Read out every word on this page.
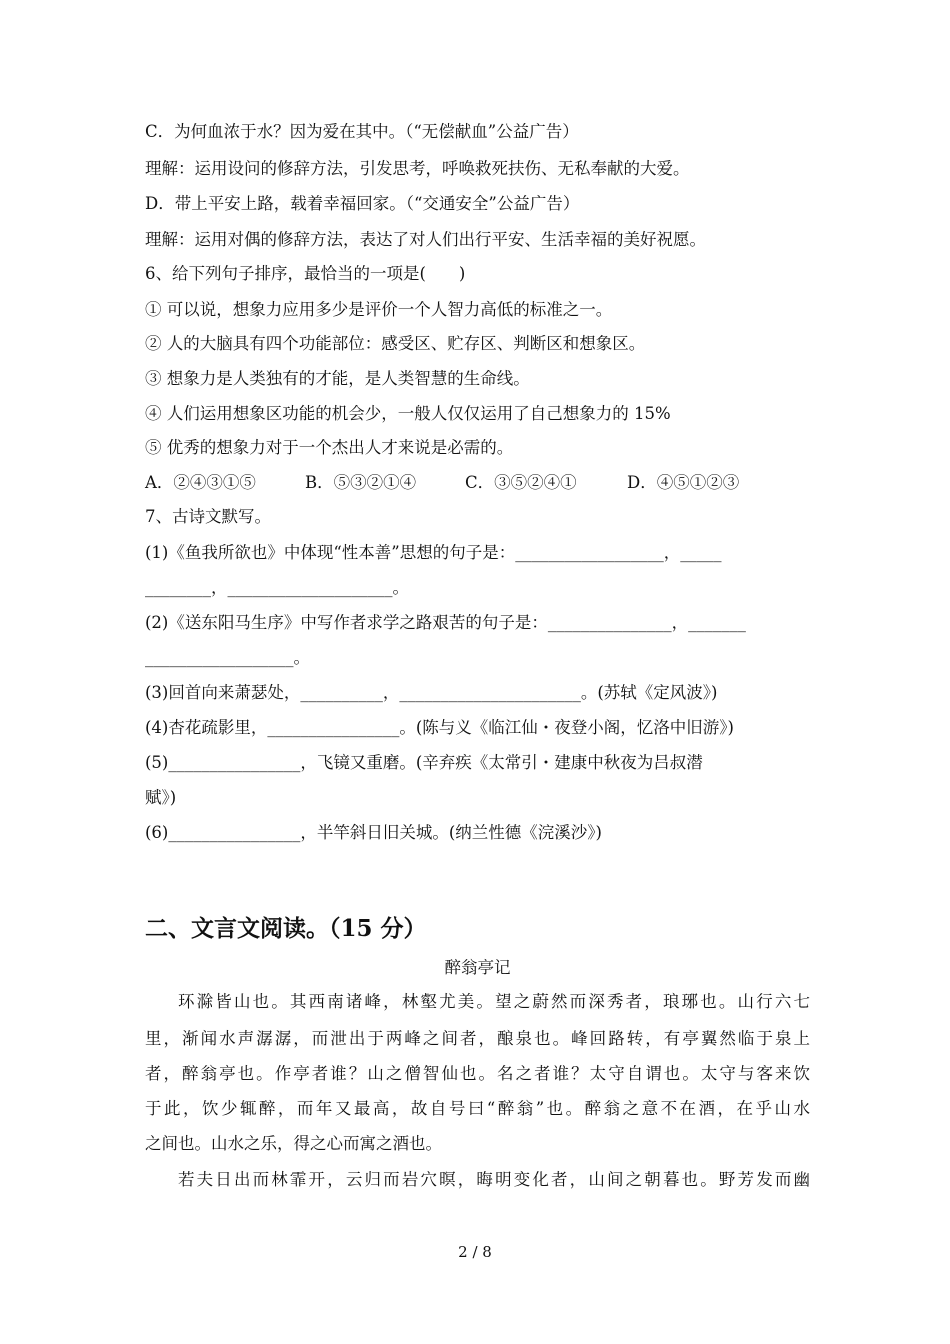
C．为何血浓于水？因为爱在其中。（“无偿献血”公益广告）
理解：运用设问的修辞方法，引发思考，呼唤救死扶伤、无私奉献的大爱。
D．带上平安上路，载着幸福回家。（“交通安全”公益广告）
理解：运用对偶的修辞方法，表达了对人们出行平安、生活幸福的美好祝愿。
6、给下列句子排序，最恰当的一项是(　　)
① 可以说，想象力应用多少是评价一个人智力高低的标准之一。
② 人的大脑具有四个功能部位：感受区、贮存区、判断区和想象区。
③ 想象力是人类独有的才能，是人类智慧的生命线。
④ 人们运用想象区功能的机会少，一般人仅仅运用了自己想象力的 15%
⑤ 优秀的想象力对于一个杰出人才来说是必需的。
A．②④③①⑤	B．⑤③②①④	C．③⑤②④①	D．④⑤①②③
7、古诗文默写。
(1)《鱼我所欲也》中体现“性本善”思想的句子是：__________________，_____
________，____________________。
(2)《送东阳马生序》中写作者求学之路艰苦的句子是：_______________，_______
__________________。
(3)回首向来萧瑟处，__________，______________________。(苏轼《定风波》)
(4)杏花疏影里，________________。(陈与义《临江仙・夜登小阁，忆洛中旧游》)
(5)________________，飞镜又重磨。(辛弃疾《太常引・建康中秋夜为吕叔潜
赋》)
(6)________________，半竿斜日旧关城。(纳兰性德《浣溪沙》)
二、文言文阅读。（15 分）
醉翁亭记
环滁皆山也。其西南诸峰，林壑尤美。望之蔚然而深秀者，琅琊也。山行六七
里，渐闻水声潺潺，而泄出于两峰之间者，酿泉也。峰回路转，有亭翼然临于泉上
者，醉翁亭也。作亭者谁？山之僧智仙也。名之者谁？太守自谓也。太守与客来饮
于此，饮少辄醉，而年又最高，故自号曰“醉翁”也。醉翁之意不在酒，在乎山水
之间也。山水之乐，得之心而寓之酒也。
若夫日出而林霏开，云归而岩穴暝，晦明变化者，山间之朝暮也。野芳发而幽
2 / 8
